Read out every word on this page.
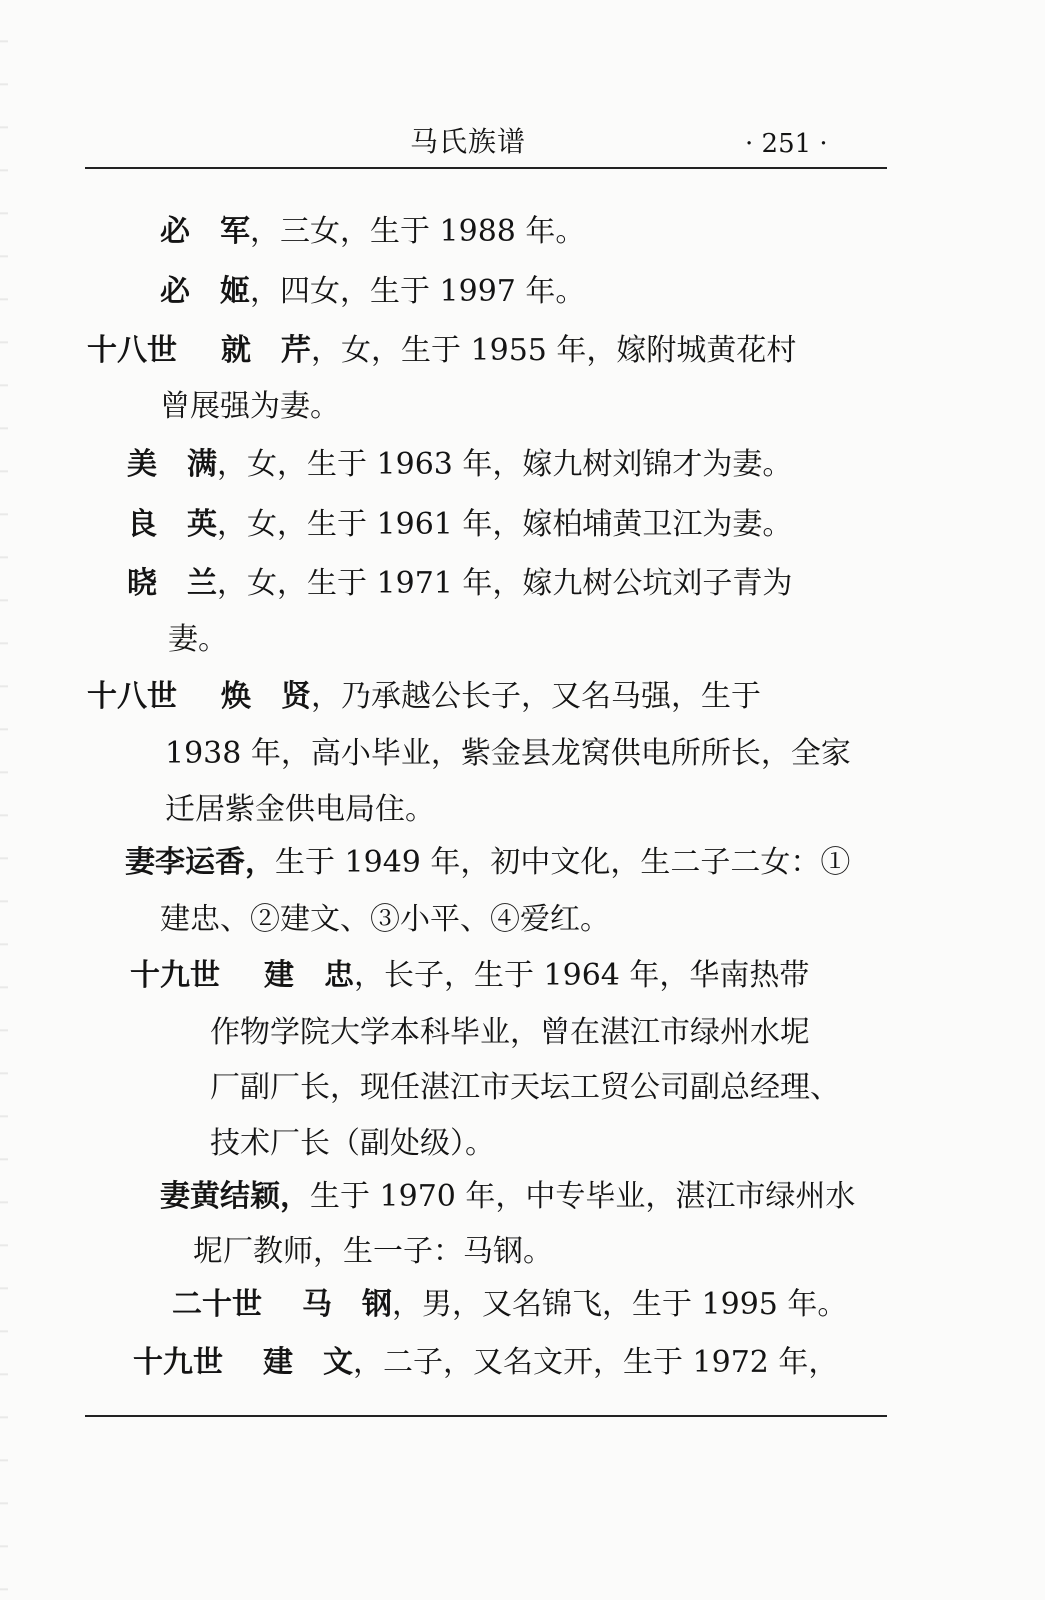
马氏族谱	· 251 ·
必　军，三女，生于 1988 年。
必　姬，四女，生于 1997 年。
十八世 就　芹，女，生于 1955 年，嫁附城黄花村
曾展强为妻。
美　满，女，生于 1963 年，嫁九树刘锦才为妻。
良　英，女，生于 1961 年，嫁柏埔黄卫江为妻。
晓　兰，女，生于 1971 年，嫁九树公坑刘子青为
妻。
十八世 焕　贤，乃承越公长子，又名马强，生于
1938 年，高小毕业，紫金县龙窝供电所所长，全家
迁居紫金供电局住。
妻李运香，生于 1949 年，初中文化，生二子二女：①
建忠、②建文、③小平、④爱红。
十九世 建　忠，长子，生于 1964 年，华南热带
作物学院大学本科毕业，曾在湛江市绿州水坭
厂副厂长，现任湛江市天坛工贸公司副总经理、
技术厂长（副处级）。
妻黄结颖，生于 1970 年，中专毕业，湛江市绿州水
坭厂教师，生一子：马钢。
二十世 马　钢，男，又名锦飞，生于 1995 年。
十九世 建　文，二子，又名文开，生于 1972 年，
